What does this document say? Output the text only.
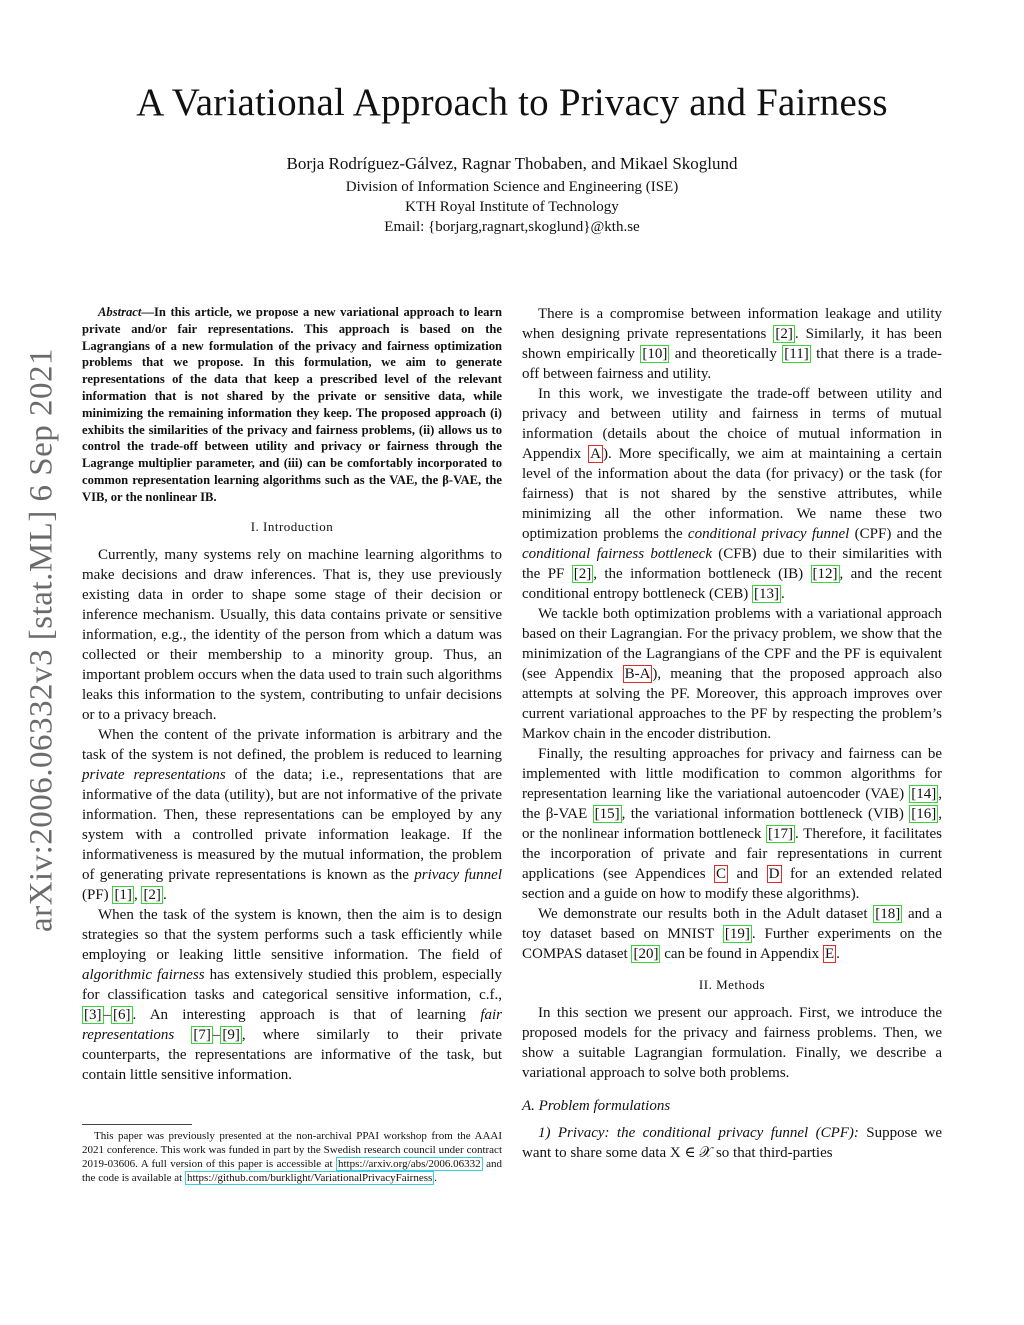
arXiv:2006.06332v3 [stat.ML] 6 Sep 2021
A Variational Approach to Privacy and Fairness
Borja Rodríguez-Gálvez, Ragnar Thobaben, and Mikael Skoglund
Division of Information Science and Engineering (ISE)
KTH Royal Institute of Technology
Email: {borjarg,ragnart,skoglund}@kth.se

Abstract—In this article, we propose a new variational approach to learn private and/or fair representations. This approach is based on the Lagrangians of a new formulation of the privacy and fairness optimization problems that we propose. In this formulation, we aim to generate representations of the data that keep a prescribed level of the relevant information that is not shared by the private or sensitive data, while minimizing the remaining information they keep. The proposed approach (i) exhibits the similarities of the privacy and fairness problems, (ii) allows us to control the trade-off between utility and privacy or fairness through the Lagrange multiplier parameter, and (iii) can be comfortably incorporated to common representation learning algorithms such as the VAE, the β-VAE, the VIB, or the nonlinear IB.

I. Introduction

Currently, many systems rely on machine learning algorithms to make decisions and draw inferences. That is, they use previously existing data in order to shape some stage of their decision or inference mechanism. Usually, this data contains private or sensitive information, e.g., the identity of the person from which a datum was collected or their membership to a minority group. Thus, an important problem occurs when the data used to train such algorithms leaks this information to the system, contributing to unfair decisions or to a privacy breach.

When the content of the private information is arbitrary and the task of the system is not defined, the problem is reduced to learning private representations of the data; i.e., representations that are informative of the data (utility), but are not informative of the private information. Then, these representations can be employed by any system with a controlled private information leakage. If the informativeness is measured by the mutual information, the problem of generating private representations is known as the privacy funnel (PF) [1] , [2] .

When the task of the system is known, then the aim is to design strategies so that the system performs such a task efficiently while employing or leaking little sensitive information. The field of algorithmic fairness has extensively studied this problem, especially for classification tasks and categorical sensitive information, c.f., [3] – [6] . An interesting approach is that of learning fair representations [7] – [9] , where similarly to their private counterparts, the representations are informative of the task, but contain little sensitive information.

This paper was previously presented at the non-archival PPAI workshop from the AAAI 2021 conference. This work was funded in part by the Swedish research council under contract 2019-03606. A full version of this paper is accessible at https://arxiv.org/abs/2006.06332 and the code is available at https://github.com/burklight/VariationalPrivacyFairness .

There is a compromise between information leakage and utility when designing private representations [2] . Similarly, it has been shown empirically [10] and theoretically [11] that there is a trade-off between fairness and utility.

In this work, we investigate the trade-off between utility and privacy and between utility and fairness in terms of mutual information (details about the choice of mutual information in Appendix A ). More specifically, we aim at maintaining a certain level of the information about the data (for privacy) or the task (for fairness) that is not shared by the senstive attributes, while minimizing all the other information. We name these two optimization problems the conditional privacy funnel (CPF) and the conditional fairness bottleneck (CFB) due to their similarities with the PF [2] , the information bottleneck (IB) [12] , and the recent conditional entropy bottleneck (CEB) [13] .

We tackle both optimization problems with a variational approach based on their Lagrangian. For the privacy problem, we show that the minimization of the Lagrangians of the CPF and the PF is equivalent (see Appendix B-A ), meaning that the proposed approach also attempts at solving the PF. Moreover, this approach improves over current variational approaches to the PF by respecting the problem’s Markov chain in the encoder distribution.

Finally, the resulting approaches for privacy and fairness can be implemented with little modification to common algorithms for representation learning like the variational autoencoder (VAE) [14] , the β-VAE [15] , the variational information bottleneck (VIB) [16] , or the nonlinear information bottleneck [17] . Therefore, it facilitates the incorporation of private and fair representations in current applications (see Appendices C and D for an extended related section and a guide on how to modify these algorithms).

We demonstrate our results both in the Adult dataset [18] and a toy dataset based on MNIST [19] . Further experiments on the COMPAS dataset [20] can be found in Appendix E .

II. Methods

In this section we present our approach. First, we introduce the proposed models for the privacy and fairness problems. Then, we show a suitable Lagrangian formulation. Finally, we describe a variational approach to solve both problems.

A. Problem formulations

1) Privacy: the conditional privacy funnel (CPF): Suppose we want to share some data X ∈ 𝒳 so that third-parties
